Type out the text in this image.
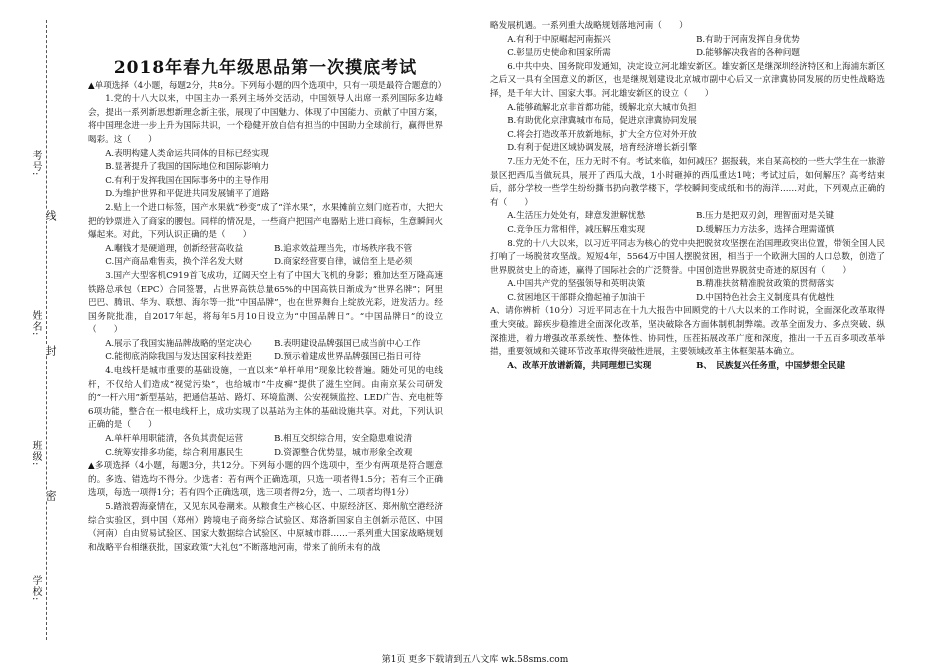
考号:
姓名:
班级:
学校:
线
封
密
2018年春九年级思品第一次摸底考试

▲单项选择（4小题，每题2分，共8分。下列每小题的四个选项中，只有一项是最符合题意的）

1.党的十八大以来，中国主办一系列主场外交活动，中国领导人出席一系列国际多边峰会，提出一系列新思想新理念新主张，展现了中国魅力、体现了中国能力、贡献了中国方案，将中国理念进一步上升为国际共识，一个稳健开放自信有担当的中国助力全球前行，赢得世界喝彩。这（　　）

A.表明构建人类命运共同体的目标已经实现

B.显著提升了我国的国际地位和国际影响力

C.有利于发挥我国在国际事务中的主导作用

D.为维护世界和平促进共同发展铺平了道路

2.贴上一个进口标签，国产水果就“秒变”成了“洋水果”，水果摊前立刻门庭若市，大把大把的钞票进入了商家的腰包。同样的情况是，一些商户把国产电器贴上进口商标，生意瞬间火爆起来。对此，下列认识正确的是（　　）

A.嗰钱才是硬道理，创新经营高收益	B.追求效益理当先，市场秩序我不管
C.国产商品难售卖，换个洋名发大财	D.商家经营要自律，诚信至上是必须

3.国产大型客机C919首飞成功，辽阔天空上有了中国大飞机的身影；雅加达至万隆高速铁路总承包（EPC）合同签署，占世界高铁总量65%的中国高铁日渐成为“世界名牌”；阿里巴巴、腾讯、华为、联想、海尔等一批“中国品牌”，也在世界舞台上绽放光彩，迸发活力。经国务院批准，自2017年起，将每年5月10日设立为“中国品牌日”。“中国品牌日”的设立（　　）

A.展示了我国实施品牌战略的坚定决心	B.表明建设品牌强国已成当前中心工作
C.能彻底消除我国与发达国家科技差距	D.预示着建成世界品牌强国已指日可待

4.电线杆是城市重要的基础设施，一直以来“单杆单用”现象比较普遍。随处可见的电线杆，不仅给人们造成“视觉污染”，也给城市“牛皮癣”提供了滋生空间。由南京某公司研发的“一杆六用”新型基站，把通信基站、路灯、环境监测、公安视频监控、LED广告、充电桩等6项功能，整合在一根电线杆上，成功实现了以基站为主体的基础设施共享。对此，下列认识正确的是（　　）

A.单杆单用职能清，各负其责促运营	B.相互交织综合用，安全隐患难说清
C.统筹安排多功能，综合利用惠民生	D.资源整合优势显，城市形象全改观

▲多项选择（4小题，每题3分，共12分。下列每小题的四个选项中，至少有两项是符合题意的。多选、错选均不得分。少选者：若有两个正确选项，只选一项者得1.5分；若有三个正确选项，每选一项得1分；若有四个正确选项，选三项者得2分，选一、二项者均得1分）

5.踏浪碧海豪情在，又见东风卷潮来。从粮食生产核心区、中原经济区、郑州航空港经济综合实验区，到中国（郑州）跨境电子商务综合试验区、郑洛新国家自主创新示范区、中国（河南）自由贸易试验区、国家大数据综合试验区、中原城市群……一系列重大国家战略规划和战略平台相继获批，国家政策“大礼包”不断落地河南，带来了前所未有的战

略发展机遇。一系列重大战略规划落地河南（　　）

A.有利于中原崛起河南振兴	B.有助于河南发挥自身优势
C.彰显历史使命和国家所需	D.能够解决我省的各种问题

6.中共中央、国务院印发通知，决定设立河北雄安新区。雄安新区是继深圳经济特区和上海浦东新区之后又一具有全国意义的新区，也是继规划建设北京城市副中心后又一京津冀协同发展的历史性战略选择，是千年大计、国家大事。河北雄安新区的设立（　　）

A.能够疏解北京非首都功能，缓解北京大城市负担

B.有助优化京津冀城市布局，促进京津冀协同发展

C.将会打造改革开放新地标，扩大全方位对外开放

D.有利于促进区域协调发展，培育经济增长新引擎

7.压力无处不在，压力无时不有。考试来临，如何减压？据报载，来自某高校的一些大学生在一旅游景区把西瓜当做玩具，展开了西瓜大战，1小时砸掉的西瓜重达1吨；考试过后，如何解压？高考结束后，部分学校一些学生纷纷撕书扔向教学楼下，学校瞬间变成纸和书的海洋……对此，下列观点正确的有（　　）

A.生活压力处处有，肆意发泄解忧愁	B.压力是把双刃剑，理智面对是关键
C.竞争压力常相伴，减压解压难实现	D.缓解压力方法多，选择合理需谨慎

8.党的十八大以来，以习近平同志为核心的党中央把脱贫攻坚摆在治国理政突出位置，带领全国人民打响了一场脱贫攻坚战。短短4年，5564万中国人摆脱贫困，相当于一个欧洲大国的人口总数，创造了世界脱贫史上的奇迹，赢得了国际社会的广泛赞誉。中国创造世界脱贫史奇迹的原因有（　　）

A.中国共产党的坚强领导和英明决策	B.精准扶贫精准脱贫政策的贯彻落实
C.贫困地区干部群众撸起袖子加油干	D.中国特色社会主义制度具有优越性

A、请你辨析（10分）习近平同志在十九大报告中回顾党的十八大以来的工作时说，全面深化改革取得重大突破。蹄疾步稳推进全面深化改革，坚决破除各方面体制机制弊端。改革全面发力、多点突破、纵深推进，着力增强改革系统性、整体性、协同性，压茬拓展改革广度和深度，推出一千五百多项改革举措，重要领域和关键环节改革取得突破性进展，主要领域改革主体框架基本确立。

A、改革开放谱新篇，共同理想已实现	B、　民族复兴任务重，中国梦想全民建
第1页 更多下载请到五八文库 wk.58sms.com
